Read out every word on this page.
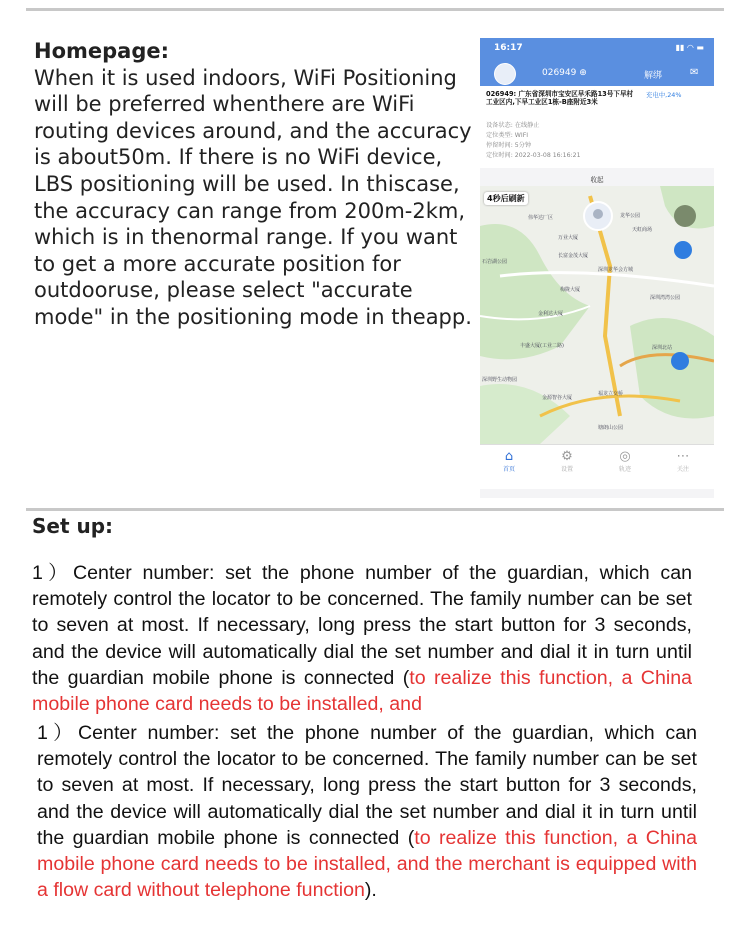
Homepage:
When it is used indoors, WiFi Positioning will be preferred whenthere are WiFi routing devices around, and the accuracy is about50m. If there is no WiFi device, LBS positioning will be used. In thiscase, the accuracy can range from 200m-2km, which is in thenormal range. If you want to get a more accurate position for outdooruse, please select "accurate mode" in the positioning mode in theapp.
16:17	▮▮ ◠ ▬
026949 ⊕	解绑	✉
026949: 广东省深圳市宝安区早禾路13号下早村工业区内,下早工业区1栋-B座附近3米
充电中,24%
设备状态: 在线静止
定位类型: WIFI
停留时间: 5分钟
定位时间: 2022-03-08 16:16:21
收起
4秒后刷新
伟华达厂区
万业大厦
石岩湖公园
长富金茂大厦
深圳龙华会方城
梅陇大厦
金利达大厦
丰盛大厦(工业二路)
深圳野生动物园
金源智谷大厦
福龙立交桥
塘朗山公园
深圳北站
深圳湾湾公园
天虹商场
龙华公园
⌂
首页
⚙
设置
◎
轨迹
⋯
关注
Set up:
1）Center number: set the phone number of the guardian, which can remotely control the locator to be concerned. The family number can be set to seven at most. If necessary, long press the start button for 3 seconds, and the device will automatically dial the set number and dial it in turn until the guardian mobile phone is connected (to realize this function, a China mobile phone card needs to be installed, and
1）Center number: set the phone number of the guardian, which can remotely control the locator to be concerned. The family number can be set to seven at most. If necessary, long press the start button for 3 seconds, and the device will automatically dial the set number and dial it in turn until the guardian mobile phone is connected (to realize this function, a China mobile phone card needs to be installed, and the merchant is equipped with a flow card without telephone function).
